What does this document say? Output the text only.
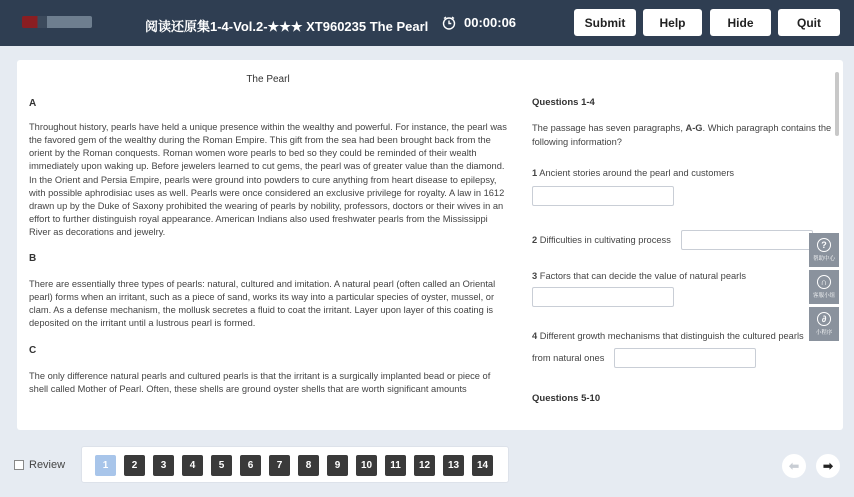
阅读还原集1-4-Vol.2-★★★ XT960235 The Pearl	00:00:06	Submit	Help	Hide	Quit
The Pearl
A
Throughout history, pearls have held a unique presence within the wealthy and powerful. For instance, the pearl was the favored gem of the wealthy during the Roman Empire. This gift from the sea had been brought back from the orient by the Roman conquests. Roman women wore pearls to bed so they could be reminded of their wealth immediately upon waking up. Before jewelers learned to cut gems, the pearl was of greater value than the diamond. In the Orient and Persia Empire, pearls were ground into powders to cure anything from heart disease to epilepsy, with possible aphrodisiac uses as well. Pearls were once considered an exclusive privilege for royalty. A law in 1612 drawn up by the Duke of Saxony prohibited the wearing of pearls by nobility, professors, doctors or their wives in an effort to further distinguish royal appearance. American Indians also used freshwater pearls from the Mississippi River as decorations and jewelry.
B
There are essentially three types of pearls: natural, cultured and imitation. A natural pearl (often called an Oriental pearl) forms when an irritant, such as a piece of sand, works its way into a particular species of oyster, mussel, or clam. As a defense mechanism, the mollusk secretes a fluid to coat the irritant. Layer upon layer of this coating is deposited on the irritant until a lustrous pearl is formed.
C
The only difference natural pearls and cultured pearls is that the irritant is a surgically implanted bead or piece of shell called Mother of Pearl. Often, these shells are ground oyster shells that are worth significant amounts
Questions 1-4
The passage has seven paragraphs, A-G. Which paragraph contains the following information?
1 Ancient stories around the pearl and customers
2 Difficulties in cultivating process
3 Factors that can decide the value of natural pearls
4 Different growth mechanisms that distinguish the cultured pearls
from natural ones
Questions 5-10
?
帮助中心
∩
客服小组
∂
小程序
Review	1	2	3	4	5	6	7	8	9	10	11	12	13	14	⬅ ➡
